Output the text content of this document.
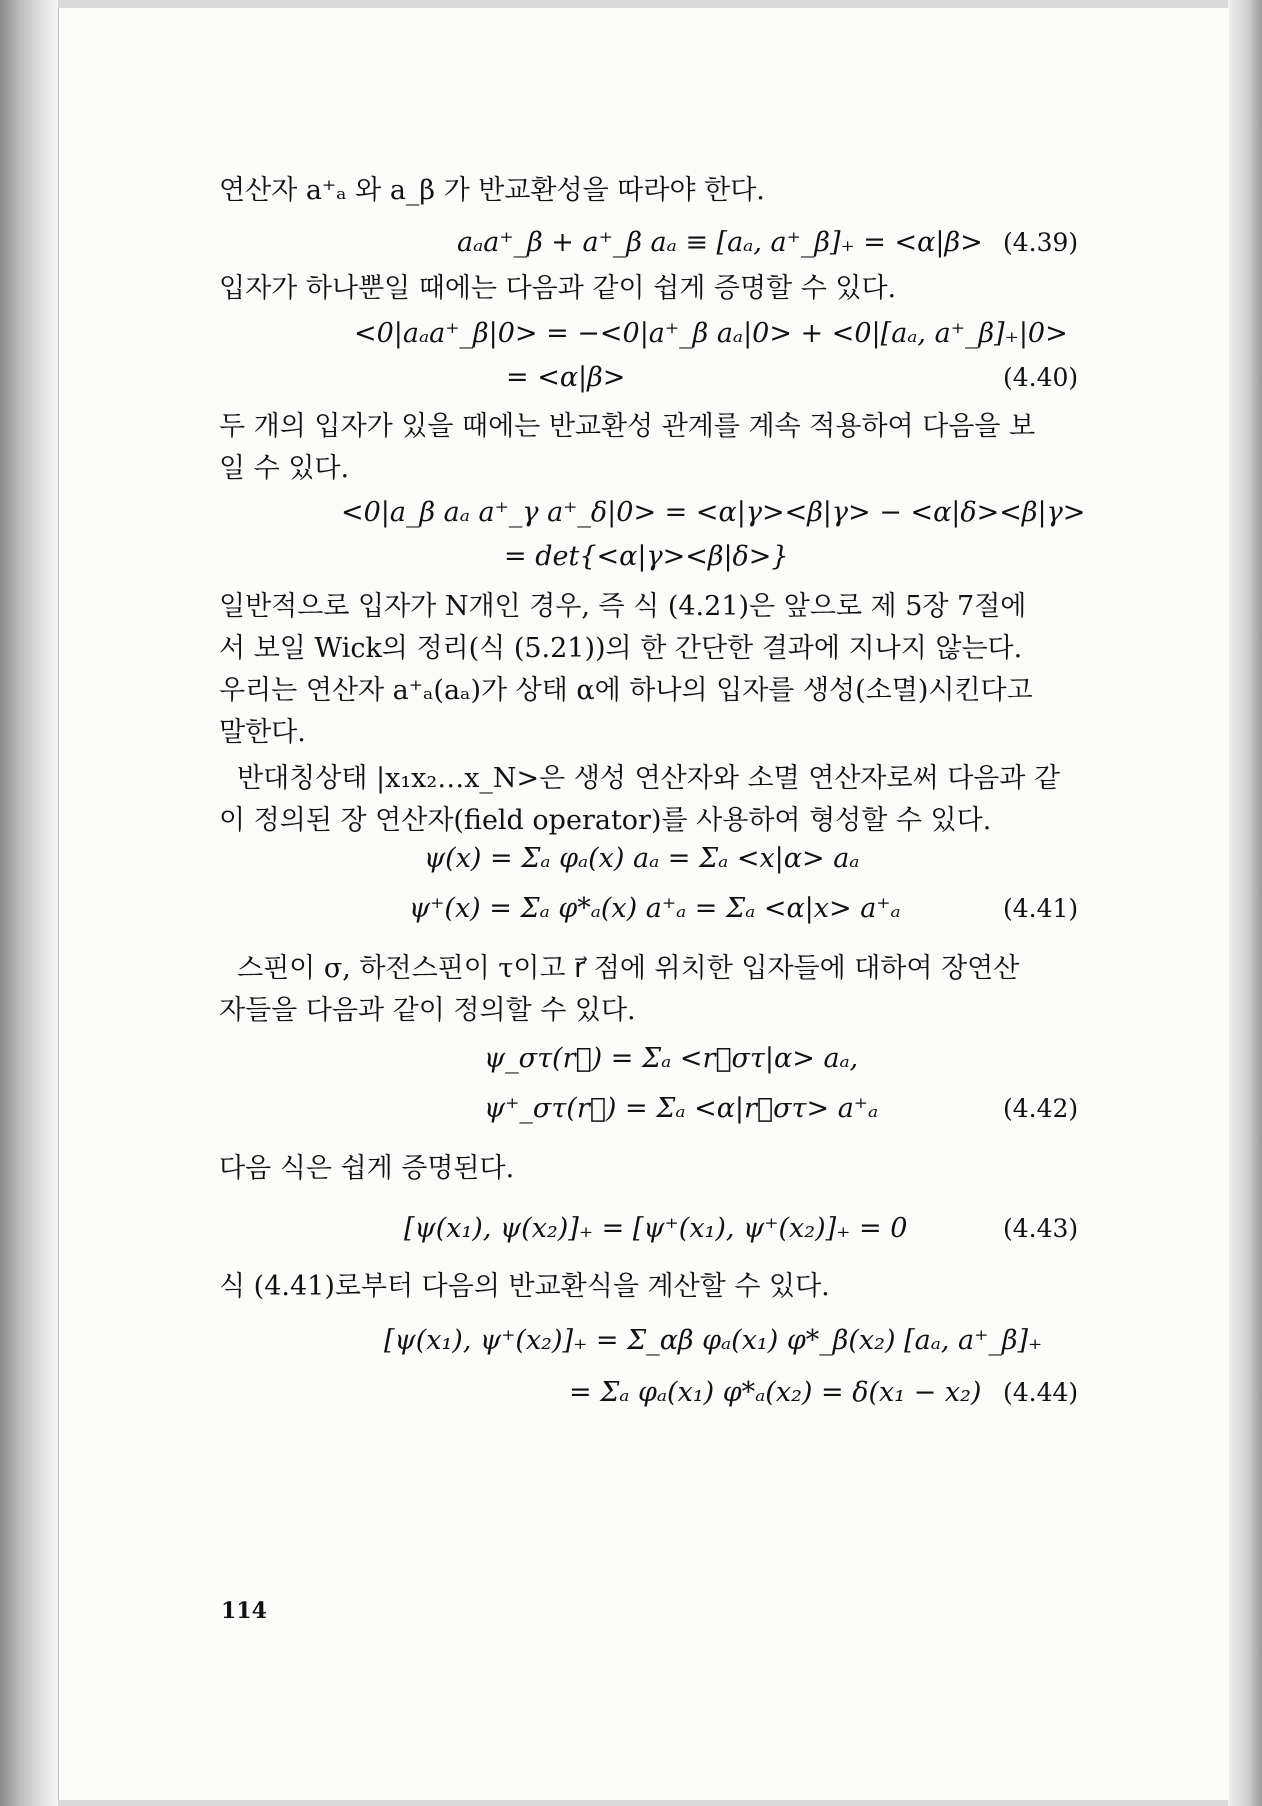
연산자 a⁺ₐ 와 a_β 가 반교환성을 따라야 한다.
aₐa⁺_β + a⁺_β aₐ ≡ [aₐ, a⁺_β]₊ = <α|β> (4.39)
입자가 하나뿐일 때에는 다음과 같이 쉽게 증명할 수 있다.
<0|aₐa⁺_β|0> = −<0|a⁺_β aₐ|0> + <0|[aₐ, a⁺_β]₊|0>
= <α|β>	(4.40)
두 개의 입자가 있을 때에는 반교환성 관계를 계속 적용하여 다음을 보
일 수 있다.
<0|a_β aₐ a⁺_γ a⁺_δ|0> = <α|γ><β|γ> − <α|δ><β|γ>
= det{<α|γ><β|δ>}
일반적으로 입자가 N개인 경우, 즉 식 (4.21)은 앞으로 제 5장 7절에
서 보일 Wick의 정리(식 (5.21))의 한 간단한 결과에 지나지 않는다.
우리는 연산자 a⁺ₐ(aₐ)가 상태 α에 하나의 입자를 생성(소멸)시킨다고
말한다.
반대칭상태 |x₁x₂…x_N>은 생성 연산자와 소멸 연산자로써 다음과 같
이 정의된 장 연산자(field operator)를 사용하여 형성할 수 있다.
ψ(x) = Σₐ φₐ(x) aₐ = Σₐ <x|α> aₐ
ψ⁺(x) = Σₐ φ*ₐ(x) a⁺ₐ = Σₐ <α|x> a⁺ₐ	(4.41)
스핀이 σ, 하전스핀이 τ이고 r⃗ 점에 위치한 입자들에 대하여 장연산
자들을 다음과 같이 정의할 수 있다.
ψ_στ(r⃗) = Σₐ <r⃗στ|α> aₐ,
ψ⁺_στ(r⃗) = Σₐ <α|r⃗στ> a⁺ₐ	(4.42)
다음 식은 쉽게 증명된다.
[ψ(x₁), ψ(x₂)]₊ = [ψ⁺(x₁), ψ⁺(x₂)]₊ = 0	(4.43)
식 (4.41)로부터 다음의 반교환식을 계산할 수 있다.
[ψ(x₁), ψ⁺(x₂)]₊ = Σ_αβ φₐ(x₁) φ*_β(x₂) [aₐ, a⁺_β]₊
= Σₐ φₐ(x₁) φ*ₐ(x₂) = δ(x₁ − x₂) (4.44)
114
